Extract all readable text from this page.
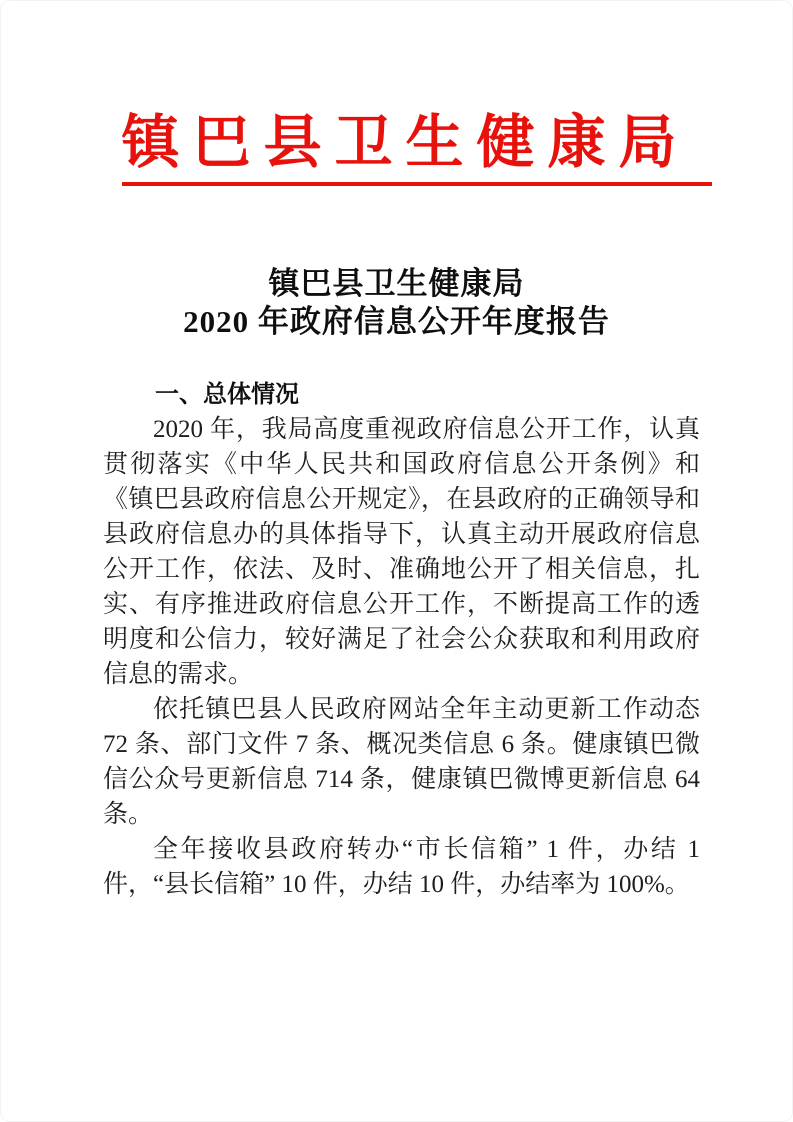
镇巴县卫生健康局
镇巴县卫生健康局
2020 年政府信息公开年度报告
一、总体情况

2020 年，我局高度重视政府信息公开工作，认真贯彻落实《中华人民共和国政府信息公开条例》和《镇巴县政府信息公开规定》，在县政府的正确领导和县政府信息办的具体指导下，认真主动开展政府信息公开工作，依法、及时、准确地公开了相关信息，扎实、有序推进政府信息公开工作，不断提高工作的透明度和公信力，较好满足了社会公众获取和利用政府信息的需求。

依托镇巴县人民政府网站全年主动更新工作动态 72 条、部门文件 7 条、概况类信息 6 条。健康镇巴微信公众号更新信息 714 条，健康镇巴微博更新信息 64 条。

全年接收县政府转办“市长信箱” 1 件，办结 1 件，“县长信箱” 10 件，办结 10 件，办结率为 100%。
